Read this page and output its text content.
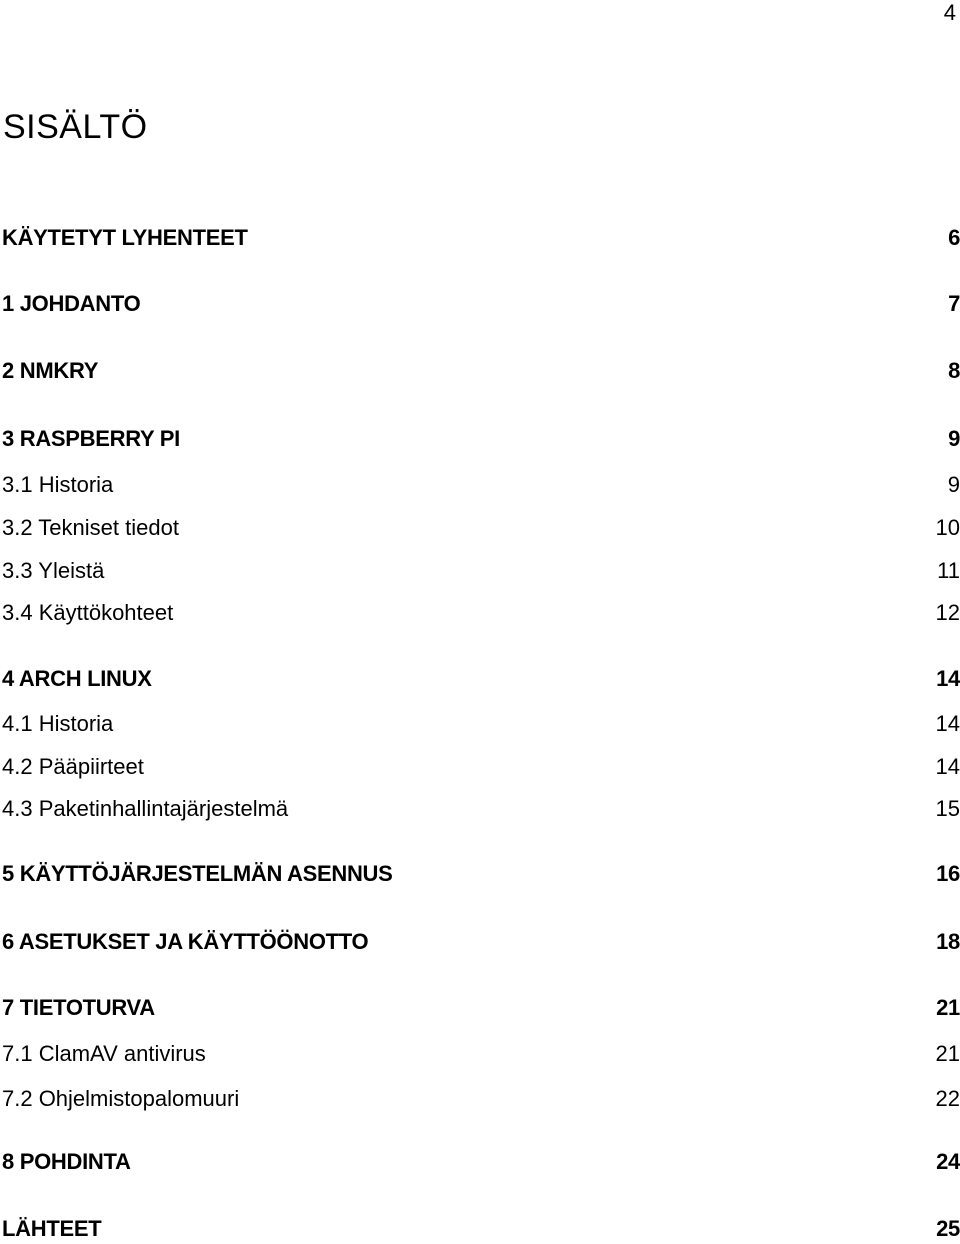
4
SISÄLTÖ
KÄYTETYT LYHENTEET	6
1 JOHDANTO	7
2 NMKRY	8
3 RASPBERRY PI	9
3.1 Historia	9
3.2 Tekniset tiedot	10
3.3 Yleistä	11
3.4 Käyttökohteet	12
4 ARCH LINUX	14
4.1 Historia	14
4.2 Pääpiirteet	14
4.3 Paketinhallintajärjestelmä	15
5 KÄYTTÖJÄRJESTELMÄN ASENNUS	16
6 ASETUKSET JA KÄYTTÖÖNOTTO	18
7 TIETOTURVA	21
7.1 ClamAV antivirus	21
7.2 Ohjelmistopalomuuri	22
8 POHDINTA	24
LÄHTEET	25
